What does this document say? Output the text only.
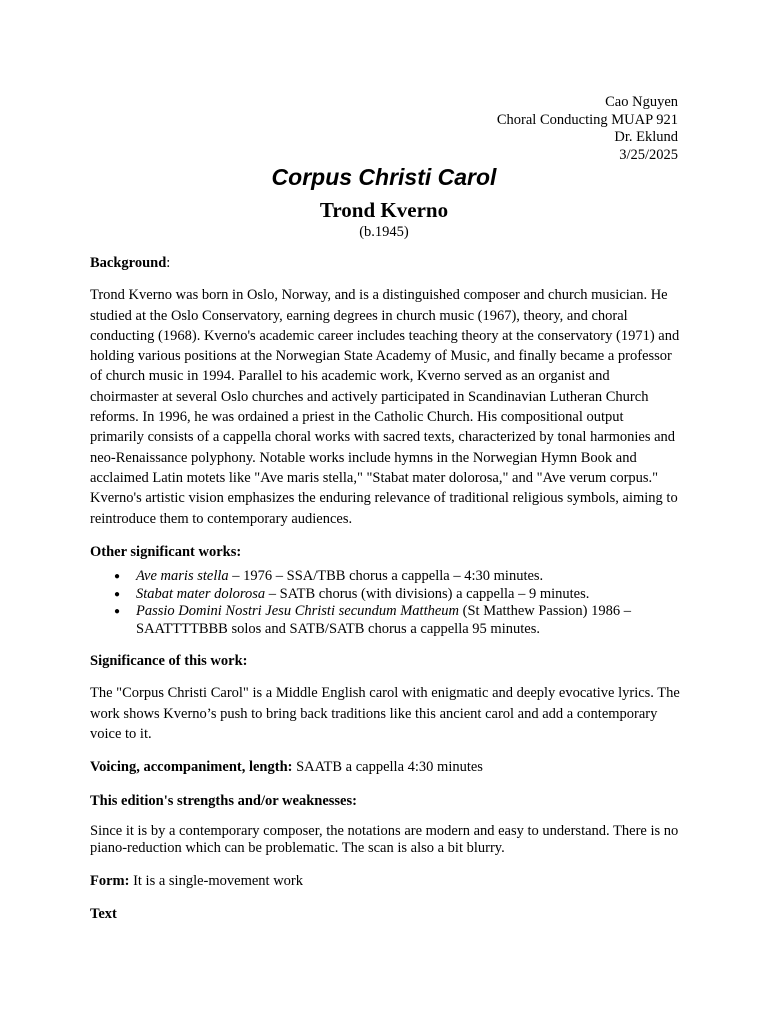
Cao Nguyen
Choral Conducting MUAP 921
Dr. Eklund
3/25/2025
Corpus Christi Carol
Trond Kverno
(b.1945)

Background:

Trond Kverno was born in Oslo, Norway, and is a distinguished composer and church musician. He studied at the Oslo Conservatory, earning degrees in church music (1967), theory, and choral conducting (1968). Kverno's academic career includes teaching theory at the conservatory (1971) and holding various positions at the Norwegian State Academy of Music, and finally became a professor of church music in 1994. Parallel to his academic work, Kverno served as an organist and choirmaster at several Oslo churches and actively participated in Scandinavian Lutheran Church reforms. In 1996, he was ordained a priest in the Catholic Church. His compositional output primarily consists of a cappella choral works with sacred texts, characterized by tonal harmonies and neo-Renaissance polyphony. Notable works include hymns in the Norwegian Hymn Book and acclaimed Latin motets like "Ave maris stella," "Stabat mater dolorosa," and "Ave verum corpus." Kverno's artistic vision emphasizes the enduring relevance of traditional religious symbols, aiming to reintroduce them to contemporary audiences.

Other significant works:

● Ave maris stella – 1976 – SSA/TBB chorus a cappella – 4:30 minutes.
● Stabat mater dolorosa – SATB chorus (with divisions) a cappella – 9 minutes.
● Passio Domini Nostri Jesu Christi secundum Mattheum (St Matthew Passion) 1986 – SAATTTTBBB solos and SATB/SATB chorus a cappella 95 minutes.

Significance of this work:

The "Corpus Christi Carol" is a Middle English carol with enigmatic and deeply evocative lyrics. The work shows Kverno’s push to bring back traditions like this ancient carol and add a contemporary voice to it.

Voicing, accompaniment, length: SAATB a cappella 4:30 minutes

This edition's strengths and/or weaknesses:

Since it is by a contemporary composer, the notations are modern and easy to understand. There is no piano-reduction which can be problematic. The scan is also a bit blurry.

Form: It is a single-movement work

Text
